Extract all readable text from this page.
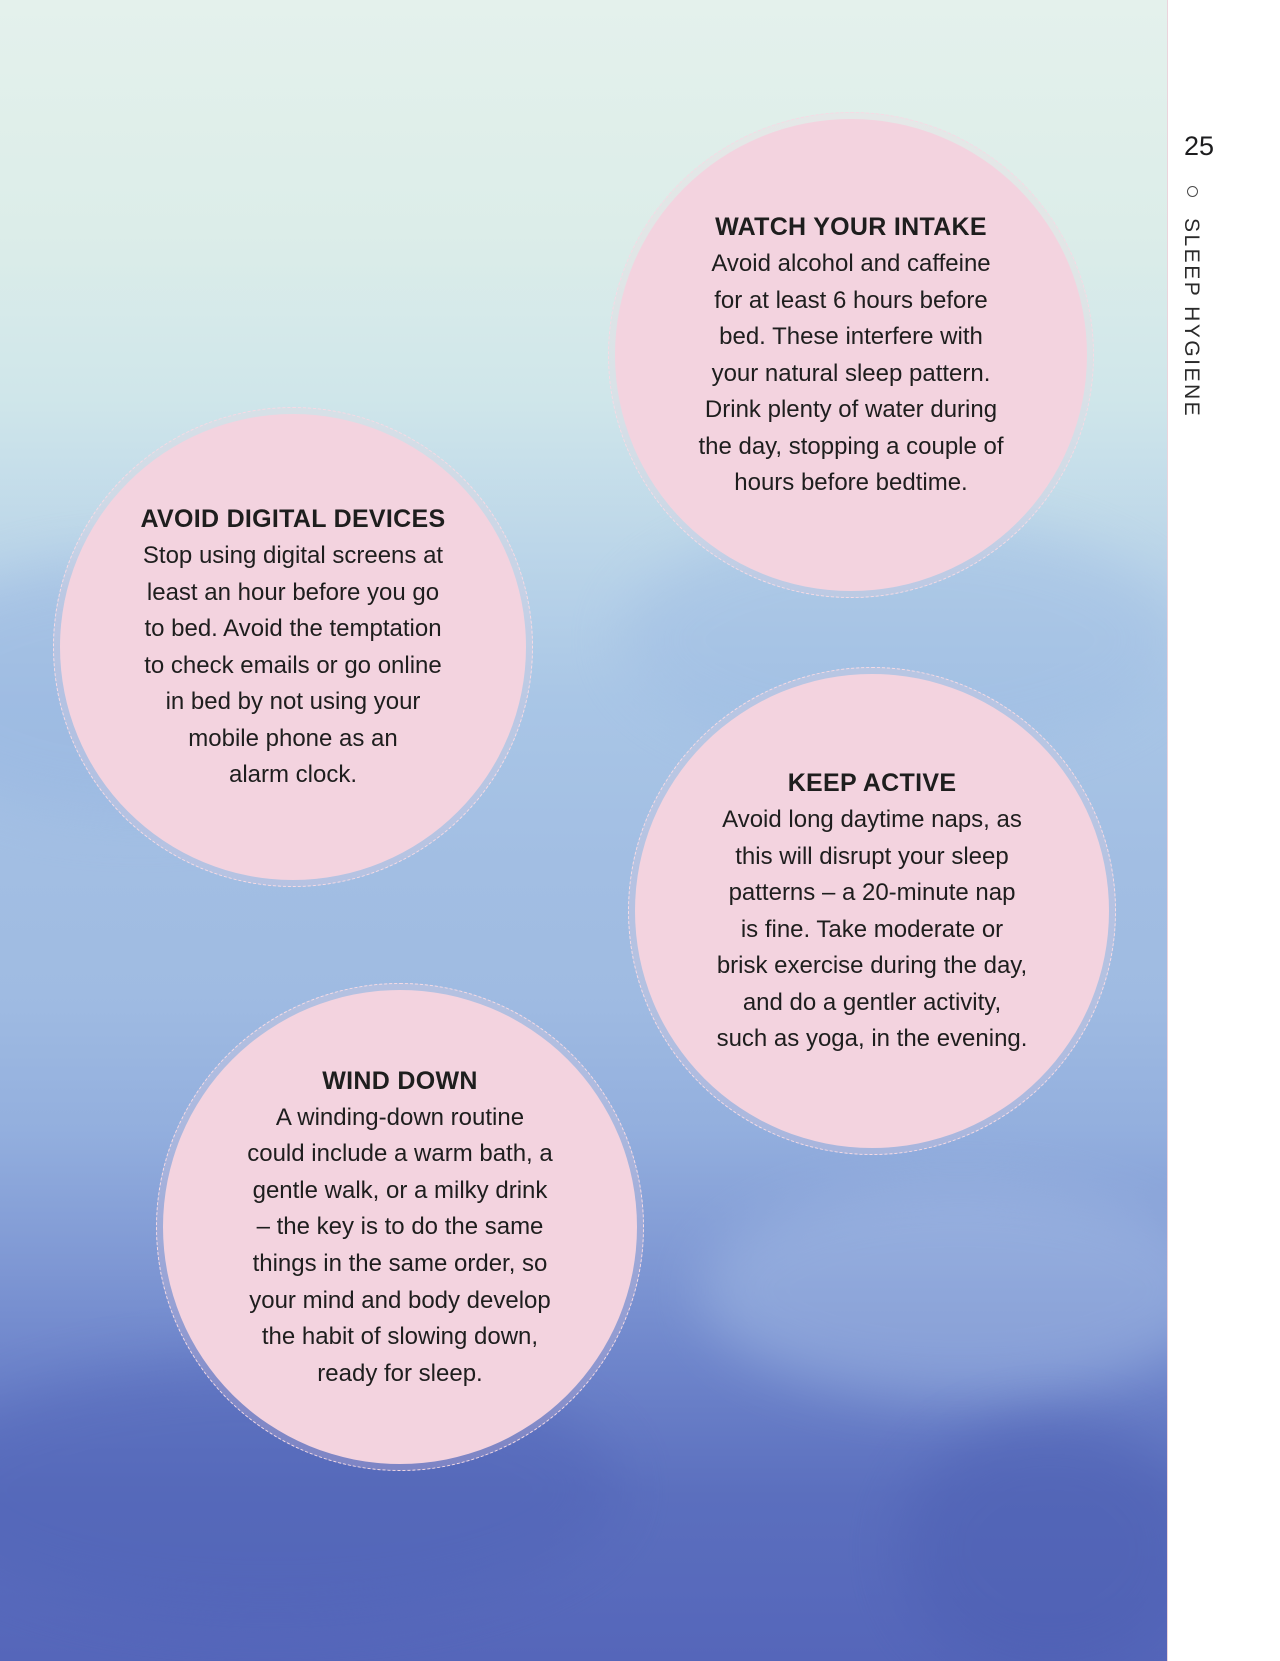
25
SLEEP HYGIENE

WATCH YOUR INTAKE

Avoid alcohol and caffeine
for at least 6 hours before
bed. These interfere with
your natural sleep pattern.
Drink plenty of water during
the day, stopping a couple of
hours before bedtime.

AVOID DIGITAL DEVICES

Stop using digital screens at
least an hour before you go
to bed. Avoid the temptation
to check emails or go online
in bed by not using your
mobile phone as an
alarm clock.	KEEP ACTIVE

Avoid long daytime naps, as
this will disrupt your sleep
patterns – a 20-minute nap
is fine. Take moderate or
brisk exercise during the day,
and do a gentler activity,
such as yoga, in the evening.

WIND DOWN

A winding-down routine
could include a warm bath, a
gentle walk, or a milky drink
– the key is to do the same
things in the same order, so
your mind and body develop
the habit of slowing down,
ready for sleep.
